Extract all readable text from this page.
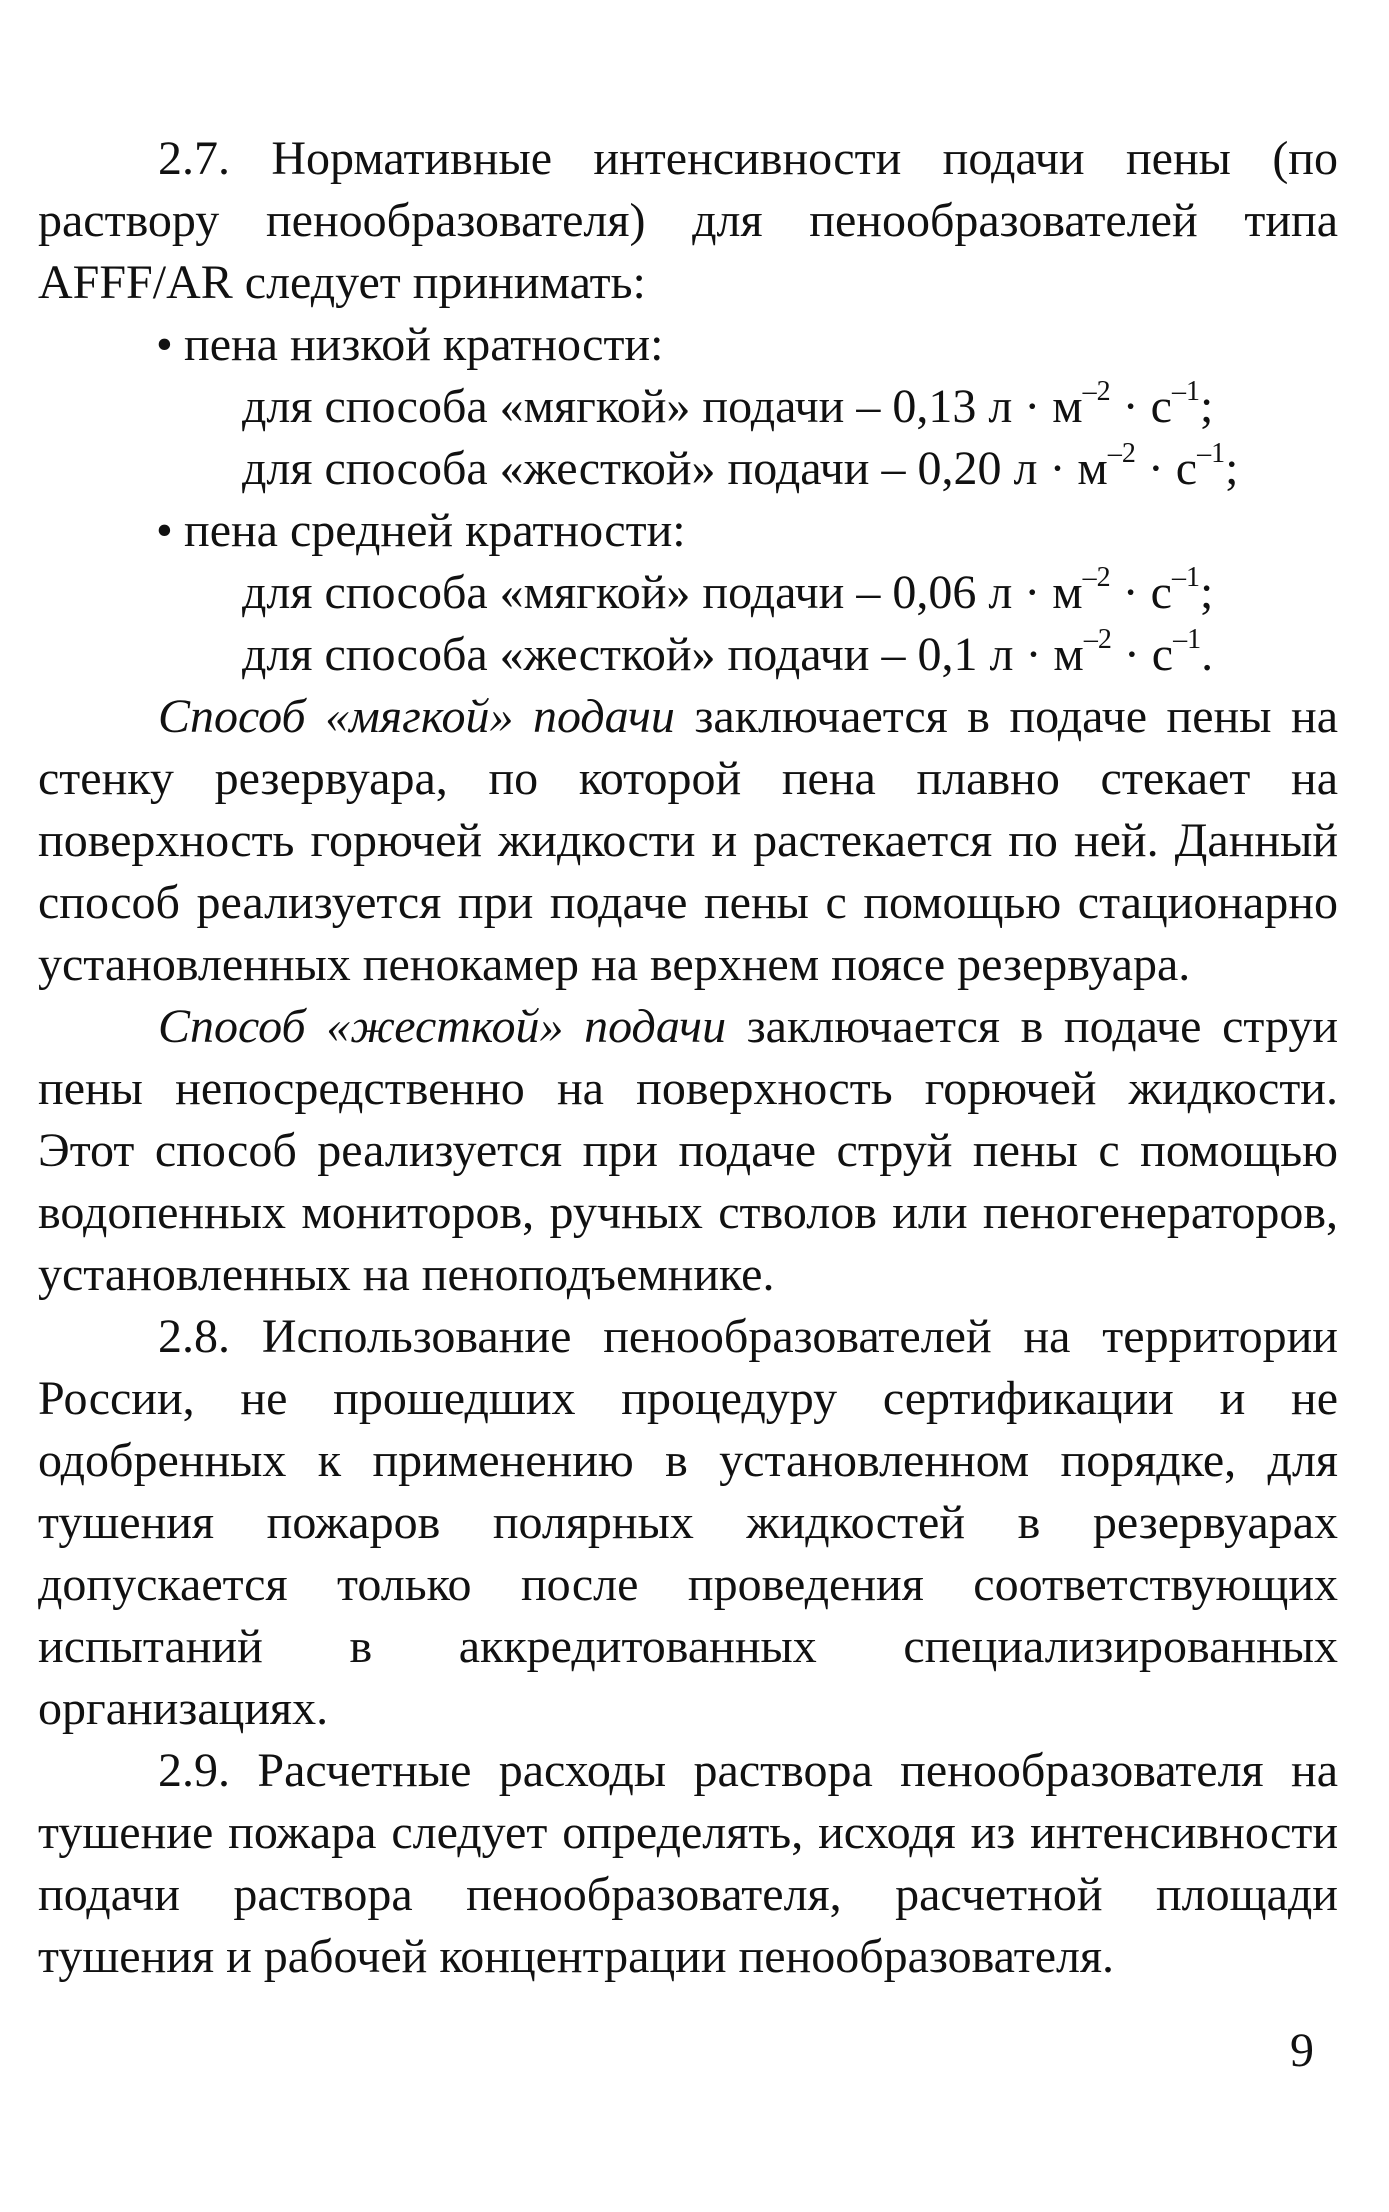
2.7. Нормативные интенсивности подачи пены (по раствору пенообразователя) для пенообразователей типа AFFF/AR следует принимать:

• пена низкой кратности:

для способа «мягкой» подачи – 0,13 $л \cdot м^{-2} \cdot с^{-1}$;

для способа «жесткой» подачи – 0,20 $л \cdot м^{-2} \cdot с^{-1}$;

• пена средней кратности:

для способа «мягкой» подачи – 0,06 $л \cdot м^{-2} \cdot с^{-1}$;

для способа «жесткой» подачи – 0,1 $л \cdot м^{-2} \cdot с^{-1}$.

Способ «мягкой» подачи заключается в подаче пены на стенку резервуара, по которой пена плавно стекает на поверхность горючей жидкости и растекается по ней. Данный способ реализуется при подаче пены с помощью стационарно установленных пенокамер на верхнем поясе резервуара.

Способ «жесткой» подачи заключается в подаче струи пены непосредственно на поверхность горючей жидкости. Этот способ реализуется при подаче струй пены с помощью водопенных мониторов, ручных стволов или пеногенераторов, установленных на пеноподъемнике.

2.8. Использование пенообразователей на территории России, не прошедших процедуру сертификации и не одобренных к применению в установленном порядке, для тушения пожаров полярных жидкостей в резервуарах допускается только после проведения соответствующих испытаний в аккредитованных специализированных организациях.

2.9. Расчетные расходы раствора пенообразователя на тушение пожара следует определять, исходя из интенсивности подачи раствора пенообразователя, расчетной площади тушения и рабочей концентрации пенообразователя.

9
